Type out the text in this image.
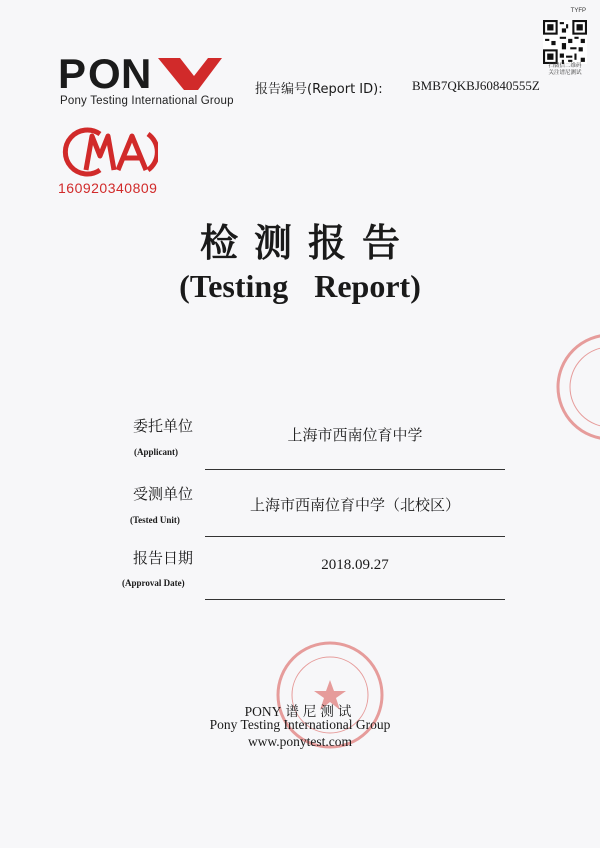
TYFP
扫微信二维码
关注谱尼测试
P O N
Pony Testing International Group
报告编号(Report ID): BMB7QKBJ60840555Z
160920340809
检测报告
(Testing Report)
委托单位
(Applicant)
上海市西南位育中学
受测单位
(Tested Unit)
上海市西南位育中学（北校区）
报告日期
(Approval Date)
2018.09.27
PONY 谱尼测试
Pony Testing International Group
www.ponytest.com
